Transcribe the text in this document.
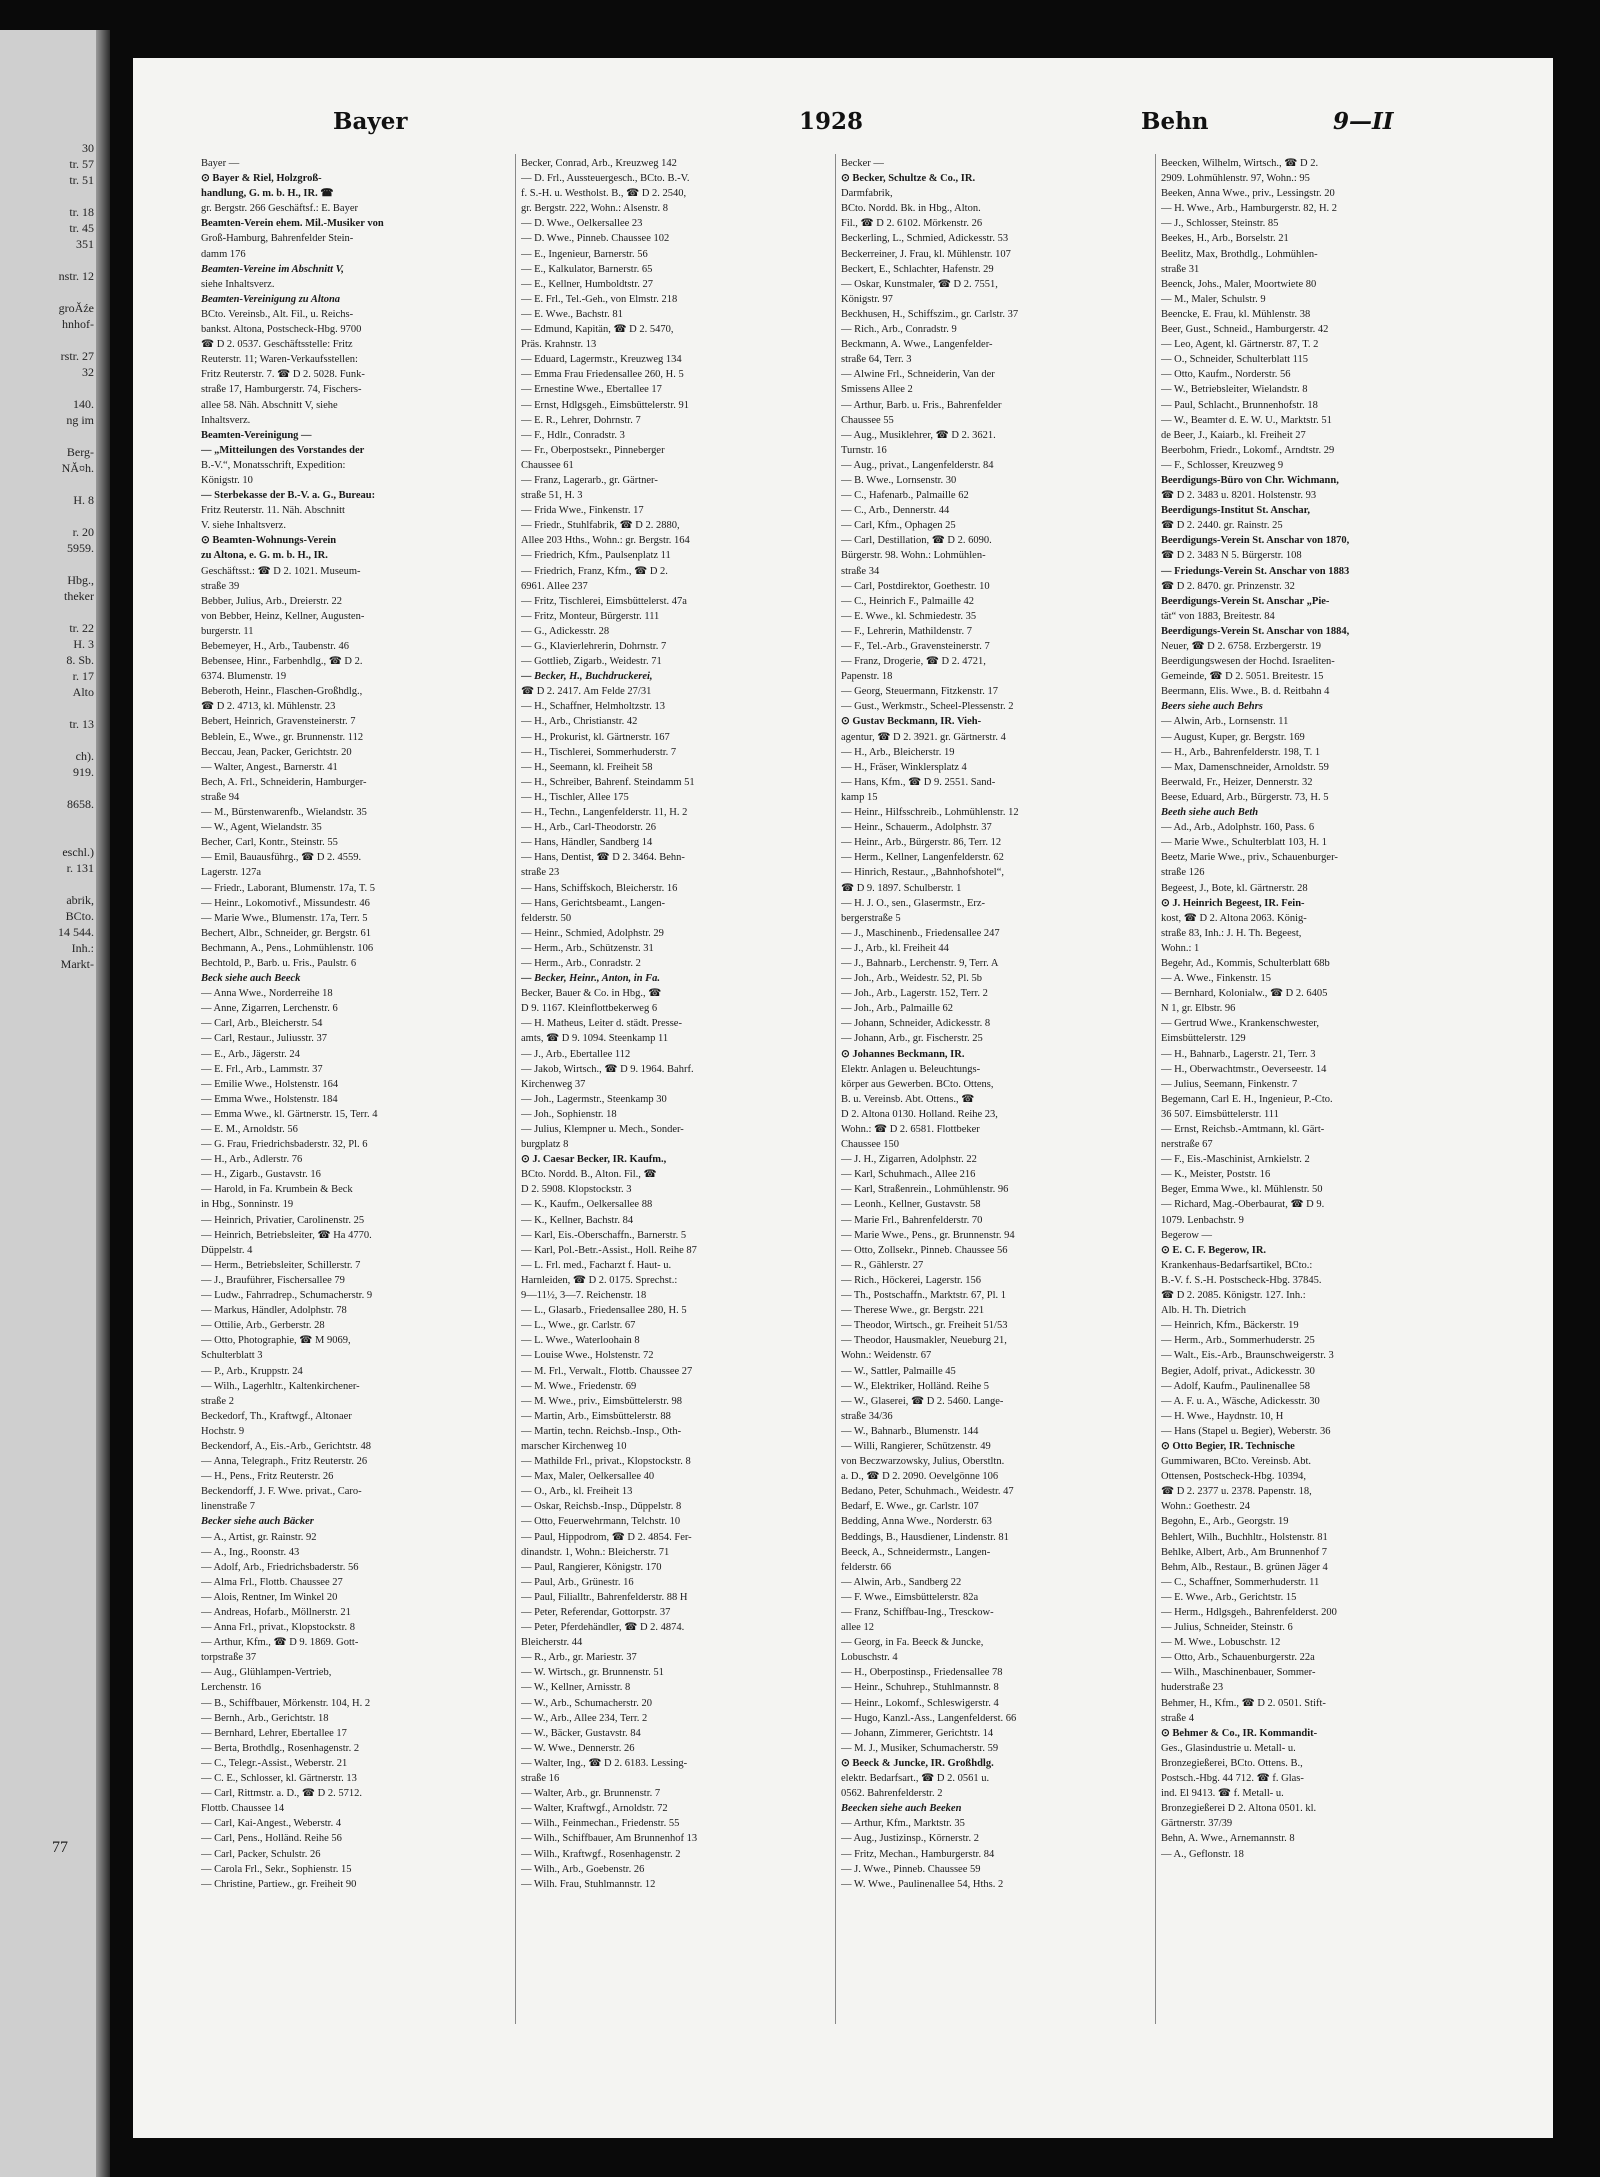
30
tr. 57
tr. 51

tr. 18
tr. 45
351

nstr. 12

groĂźe
hnhof-

rstr. 27
32

140.
ng im

Berg-
NĂ¤h.

H. 8

r. 20
5959.

Hbg.,
theker

tr. 22
H. 3
8. Sb.
r. 17
Alto

tr. 13

ch).
919.

8658.

eschl.)
r. 131

abrik,
BCto.
14 544.
Inh.:
Markt-
77
Bayer	1928	Behn	9—II
Bayer —
⊙ Bayer & Riel, Holzgroß-
handlung, G. m. b. H., IR. ☎
gr. Bergstr. 266 Geschäftsf.: E. Bayer
Beamten-Verein ehem. Mil.-Musiker von
Groß-Hamburg, Bahrenfelder Stein-
damm 176
Beamten-Vereine im Abschnitt V,
siehe Inhaltsverz.
Beamten-Vereinigung zu Altona
BCto. Vereinsb., Alt. Fil., u. Reichs-
bankst. Altona, Postscheck-Hbg. 9700
☎ D 2. 0537. Geschäftsstelle: Fritz
Reuterstr. 11; Waren-Verkaufsstellen:
Fritz Reuterstr. 7. ☎ D 2. 5028. Funk-
straße 17, Hamburgerstr. 74, Fischers-
allee 58. Näh. Abschnitt V, siehe
Inhaltsverz.
Beamten-Vereinigung —
— „Mitteilungen des Vorstandes der
B.-V.“, Monatsschrift, Expedition:
Königstr. 10
— Sterbekasse der B.-V. a. G., Bureau:
Fritz Reuterstr. 11. Näh. Abschnitt
V. siehe Inhaltsverz.
⊙ Beamten-Wohnungs-Verein
zu Altona, e. G. m. b. H., IR.
Geschäftsst.: ☎ D 2. 1021. Museum-
straße 39
Bebber, Julius, Arb., Dreierstr. 22
von Bebber, Heinz, Kellner, Augusten-
burgerstr. 11
Bebemeyer, H., Arb., Taubenstr. 46
Bebensee, Hinr., Farbenhdlg., ☎ D 2.
6374. Blumenstr. 19
Beberoth, Heinr., Flaschen-Großhdlg.,
☎ D 2. 4713, kl. Mühlenstr. 23
Bebert, Heinrich, Gravensteinerstr. 7
Beblein, E., Wwe., gr. Brunnenstr. 112
Beccau, Jean, Packer, Gerichtstr. 20
— Walter, Angest., Barnerstr. 41
Bech, A. Frl., Schneiderin, Hamburger-
straße 94
— M., Bürstenwarenfb., Wielandstr. 35
— W., Agent, Wielandstr. 35
Becher, Carl, Kontr., Steinstr. 55
— Emil, Bauausführg., ☎ D 2. 4559.
Lagerstr. 127a
— Friedr., Laborant, Blumenstr. 17a, T. 5
— Heinr., Lokomotivf., Missundestr. 46
— Marie Wwe., Blumenstr. 17a, Terr. 5
Bechert, Albr., Schneider, gr. Bergstr. 61
Bechmann, A., Pens., Lohmühlenstr. 106
Bechtold, P., Barb. u. Fris., Paulstr. 6
Beck siehe auch Beeck
— Anna Wwe., Norderreihe 18
— Anne, Zigarren, Lerchenstr. 6
— Carl, Arb., Bleicherstr. 54
— Carl, Restaur., Juliusstr. 37
— E., Arb., Jägerstr. 24
— E. Frl., Arb., Lammstr. 37
— Emilie Wwe., Holstenstr. 164
— Emma Wwe., Holstenstr. 184
— Emma Wwe., kl. Gärtnerstr. 15, Terr. 4
— E. M., Arnoldstr. 56
— G. Frau, Friedrichsbaderstr. 32, Pl. 6
— H., Arb., Adlerstr. 76
— H., Zigarb., Gustavstr. 16
— Harold, in Fa. Krumbein & Beck
in Hbg., Sonninstr. 19
— Heinrich, Privatier, Carolinenstr. 25
— Heinrich, Betriebsleiter, ☎ Ha 4770.
Düppelstr. 4
— Herm., Betriebsleiter, Schillerstr. 7
— J., Brauführer, Fischersallee 79
— Ludw., Fahrradrep., Schumacherstr. 9
— Markus, Händler, Adolphstr. 78
— Ottilie, Arb., Gerberstr. 28
— Otto, Photographie, ☎ M 9069,
Schulterblatt 3
— P., Arb., Kruppstr. 24
— Wilh., Lagerhltr., Kaltenkirchener-
straße 2
Beckedorf, Th., Kraftwgf., Altonaer
Hochstr. 9
Beckendorf, A., Eis.-Arb., Gerichtstr. 48
— Anna, Telegraph., Fritz Reuterstr. 26
— H., Pens., Fritz Reuterstr. 26
Beckendorff, J. F. Wwe. privat., Caro-
linenstraße 7
Becker siehe auch Bäcker
— A., Artist, gr. Rainstr. 92
— A., Ing., Roonstr. 43
— Adolf, Arb., Friedrichsbaderstr. 56
— Alma Frl., Flottb. Chaussee 27
— Alois, Rentner, Im Winkel 20
— Andreas, Hofarb., Möllnerstr. 21
— Anna Frl., privat., Klopstockstr. 8
— Arthur, Kfm., ☎ D 9. 1869. Gott-
torpstraße 37
— Aug., Glühlampen-Vertrieb,
Lerchenstr. 16
— B., Schiffbauer, Mörkenstr. 104, H. 2
— Bernh., Arb., Gerichtstr. 18
— Bernhard, Lehrer, Ebertallee 17
— Berta, Brothdlg., Rosenhagenstr. 2
— C., Telegr.-Assist., Weberstr. 21
— C. E., Schlosser, kl. Gärtnerstr. 13
— Carl, Rittmstr. a. D., ☎ D 2. 5712.
Flottb. Chaussee 14
— Carl, Kai-Angest., Weberstr. 4
— Carl, Pens., Holländ. Reihe 56
— Carl, Packer, Schulstr. 26
— Carola Frl., Sekr., Sophienstr. 15
— Christine, Partiew., gr. Freiheit 90
Becker, Conrad, Arb., Kreuzweg 142
— D. Frl., Aussteuergesch., BCto. B.-V.
f. S.-H. u. Westholst. B., ☎ D 2. 2540,
gr. Bergstr. 222, Wohn.: Alsenstr. 8
— D. Wwe., Oelkersallee 23
— D. Wwe., Pinneb. Chaussee 102
— E., Ingenieur, Barnerstr. 56
— E., Kalkulator, Barnerstr. 65
— E., Kellner, Humboldtstr. 27
— E. Frl., Tel.-Geh., von Elmstr. 218
— E. Wwe., Bachstr. 81
— Edmund, Kapitän, ☎ D 2. 5470,
Präs. Krahnstr. 13
— Eduard, Lagermstr., Kreuzweg 134
— Emma Frau Friedensallee 260, H. 5
— Ernestine Wwe., Ebertallee 17
— Ernst, Hdlgsgeh., Eimsbüttelerstr. 91
— E. R., Lehrer, Dohrnstr. 7
— F., Hdlr., Conradstr. 3
— Fr., Oberpostsekr., Pinneberger
Chaussee 61
— Franz, Lagerarb., gr. Gärtner-
straße 51, H. 3
— Frida Wwe., Finkenstr. 17
— Friedr., Stuhlfabrik, ☎ D 2. 2880,
Allee 203 Hths., Wohn.: gr. Bergstr. 164
— Friedrich, Kfm., Paulsenplatz 11
— Friedrich, Franz, Kfm., ☎ D 2.
6961. Allee 237
— Fritz, Tischlerei, Eimsbüttelerst. 47a
— Fritz, Monteur, Bürgerstr. 111
— G., Adickesstr. 28
— G., Klavierlehrerin, Dohrnstr. 7
— Gottlieb, Zigarb., Weidestr. 71
— Becker, H., Buchdruckerei,
☎ D 2. 2417. Am Felde 27/31
— H., Schaffner, Helmholtzstr. 13
— H., Arb., Christianstr. 42
— H., Prokurist, kl. Gärtnerstr. 167
— H., Tischlerei, Sommerhuderstr. 7
— H., Seemann, kl. Freiheit 58
— H., Schreiber, Bahrenf. Steindamm 51
— H., Tischler, Allee 175
— H., Techn., Langenfelderstr. 11, H. 2
— H., Arb., Carl-Theodorstr. 26
— Hans, Händler, Sandberg 14
— Hans, Dentist, ☎ D 2. 3464. Behn-
straße 23
— Hans, Schiffskoch, Bleicherstr. 16
— Hans, Gerichtsbeamt., Langen-
felderstr. 50
— Heinr., Schmied, Adolphstr. 29
— Herm., Arb., Schützenstr. 31
— Herm., Arb., Conradstr. 2
— Becker, Heinr., Anton, in Fa.
Becker, Bauer & Co. in Hbg., ☎
D 9. 1167. Kleinflottbekerweg 6
— H. Matheus, Leiter d. städt. Presse-
amts, ☎ D 9. 1094. Steenkamp 11
— J., Arb., Ebertallee 112
— Jakob, Wirtsch., ☎ D 9. 1964. Bahrf.
Kirchenweg 37
— Joh., Lagermstr., Steenkamp 30
— Joh., Sophienstr. 18
— Julius, Klempner u. Mech., Sonder-
burgplatz 8
⊙ J. Caesar Becker, IR. Kaufm.,
BCto. Nordd. B., Alton. Fil., ☎
D 2. 5908. Klopstockstr. 3
— K., Kaufm., Oelkersallee 88
— K., Kellner, Bachstr. 84
— Karl, Eis.-Oberschaffn., Barnerstr. 5
— Karl, Pol.-Betr.-Assist., Holl. Reihe 87
— L. Frl. med., Facharzt f. Haut- u.
Harnleiden, ☎ D 2. 0175. Sprechst.:
9—11½, 3—7. Reichenstr. 18
— L., Glasarb., Friedensallee 280, H. 5
— L., Wwe., gr. Carlstr. 67
— L. Wwe., Waterloohain 8
— Louise Wwe., Holstenstr. 72
— M. Frl., Verwalt., Flottb. Chaussee 27
— M. Wwe., Friedenstr. 69
— M. Wwe., priv., Eimsbüttelerstr. 98
— Martin, Arb., Eimsbüttelerstr. 88
— Martin, techn. Reichsb.-Insp., Oth-
marscher Kirchenweg 10
— Mathilde Frl., privat., Klopstockstr. 8
— Max, Maler, Oelkersallee 40
— O., Arb., kl. Freiheit 13
— Oskar, Reichsb.-Insp., Düppelstr. 8
— Otto, Feuerwehrmann, Telchstr. 10
— Paul, Hippodrom, ☎ D 2. 4854. Fer-
dinandstr. 1, Wohn.: Bleicherstr. 71
— Paul, Rangierer, Königstr. 170
— Paul, Arb., Grünestr. 16
— Paul, Filialltr., Bahrenfelderstr. 88 H
— Peter, Referendar, Gottorpstr. 37
— Peter, Pferdehändler, ☎ D 2. 4874.
Bleicherstr. 44
— R., Arb., gr. Mariestr. 37
— W. Wirtsch., gr. Brunnenstr. 51
— W., Kellner, Arnisstr. 8
— W., Arb., Schumacherstr. 20
— W., Arb., Allee 234, Terr. 2
— W., Bäcker, Gustavstr. 84
— W. Wwe., Dennerstr. 26
— Walter, Ing., ☎ D 2. 6183. Lessing-
straße 16
— Walter, Arb., gr. Brunnenstr. 7
— Walter, Kraftwgf., Arnoldstr. 72
— Wilh., Feinmechan., Friedenstr. 55
— Wilh., Schiffbauer, Am Brunnenhof 13
— Wilh., Kraftwgf., Rosenhagenstr. 2
— Wilh., Arb., Goebenstr. 26
— Wilh. Frau, Stuhlmannstr. 12
Becker —
⊙ Becker, Schultze & Co., IR.
Darmfabrik,
BCto. Nordd. Bk. in Hbg., Alton.
Fil., ☎ D 2. 6102. Mörkenstr. 26
Beckerling, L., Schmied, Adickesstr. 53
Beckerreiner, J. Frau, kl. Mühlenstr. 107
Beckert, E., Schlachter, Hafenstr. 29
— Oskar, Kunstmaler, ☎ D 2. 7551,
Königstr. 97
Beckhusen, H., Schiffszim., gr. Carlstr. 37
— Rich., Arb., Conradstr. 9
Beckmann, A. Wwe., Langenfelder-
straße 64, Terr. 3
— Alwine Frl., Schneiderin, Van der
Smissens Allee 2
— Arthur, Barb. u. Fris., Bahrenfelder
Chaussee 55
— Aug., Musiklehrer, ☎ D 2. 3621.
Turnstr. 16
— Aug., privat., Langenfelderstr. 84
— B. Wwe., Lornsenstr. 30
— C., Hafenarb., Palmaille 62
— C., Arb., Dennerstr. 44
— Carl, Kfm., Ophagen 25
— Carl, Destillation, ☎ D 2. 6090.
Bürgerstr. 98. Wohn.: Lohmühlen-
straße 34
— Carl, Postdirektor, Goethestr. 10
— C., Heinrich F., Palmaille 42
— E. Wwe., kl. Schmiedestr. 35
— F., Lehrerin, Mathildenstr. 7
— F., Tel.-Arb., Gravensteinerstr. 7
— Franz, Drogerie, ☎ D 2. 4721,
Papenstr. 18
— Georg, Steuermann, Fitzkenstr. 17
— Gust., Werkmstr., Scheel-Plessenstr. 2
⊙ Gustav Beckmann, IR. Vieh-
agentur, ☎ D 2. 3921. gr. Gärtnerstr. 4
— H., Arb., Bleicherstr. 19
— H., Fräser, Winklersplatz 4
— Hans, Kfm., ☎ D 9. 2551. Sand-
kamp 15
— Heinr., Hilfsschreib., Lohmühlenstr. 12
— Heinr., Schauerm., Adolphstr. 37
— Heinr., Arb., Bürgerstr. 86, Terr. 12
— Herm., Kellner, Langenfelderstr. 62
— Hinrich, Restaur., „Bahnhofshotel“,
☎ D 9. 1897. Schulberstr. 1
— H. J. O., sen., Glasermstr., Erz-
bergerstraße 5
— J., Maschinenb., Friedensallee 247
— J., Arb., kl. Freiheit 44
— J., Bahnarb., Lerchenstr. 9, Terr. A
— Joh., Arb., Weidestr. 52, Pl. 5b
— Joh., Arb., Lagerstr. 152, Terr. 2
— Joh., Arb., Palmaille 62
— Johann, Schneider, Adickesstr. 8
— Johann, Arb., gr. Fischerstr. 25
⊙ Johannes Beckmann, IR.
Elektr. Anlagen u. Beleuchtungs-
körper aus Gewerben. BCto. Ottens,
B. u. Vereinsb. Abt. Ottens., ☎
D 2. Altona 0130. Holland. Reihe 23,
Wohn.: ☎ D 2. 6581. Flottbeker
Chaussee 150
— J. H., Zigarren, Adolphstr. 22
— Karl, Schuhmach., Allee 216
— Karl, Straßenrein., Lohmühlenstr. 96
— Leonh., Kellner, Gustavstr. 58
— Marie Frl., Bahrenfelderstr. 70
— Marie Wwe., Pens., gr. Brunnenstr. 94
— Otto, Zollsekr., Pinneb. Chaussee 56
— R., Gählerstr. 27
— Rich., Höckerei, Lagerstr. 156
— Th., Postschaffn., Marktstr. 67, Pl. 1
— Therese Wwe., gr. Bergstr. 221
— Theodor, Wirtsch., gr. Freiheit 51/53
— Theodor, Hausmakler, Neueburg 21,
Wohn.: Weidenstr. 67
— W., Sattler, Palmaille 45
— W., Elektriker, Holländ. Reihe 5
— W., Glaserei, ☎ D 2. 5460. Lange-
straße 34/36
— W., Bahnarb., Blumenstr. 144
— Willi, Rangierer, Schützenstr. 49
von Beczwarzowsky, Julius, Oberstltn.
a. D., ☎ D 2. 2090. Oevelgönne 106
Bedano, Peter, Schuhmach., Weidestr. 47
Bedarf, E. Wwe., gr. Carlstr. 107
Bedding, Anna Wwe., Norderstr. 63
Beddings, B., Hausdiener, Lindenstr. 81
Beeck, A., Schneidermstr., Langen-
felderstr. 66
— Alwin, Arb., Sandberg 22
— F. Wwe., Eimsbüttelerstr. 82a
— Franz, Schiffbau-Ing., Tresckow-
allee 12
— Georg, in Fa. Beeck & Juncke,
Lobuschstr. 4
— H., Oberpostinsp., Friedensallee 78
— Heinr., Schuhrep., Stuhlmannstr. 8
— Heinr., Lokomf., Schleswigerstr. 4
— Hugo, Kanzl.-Ass., Langenfelderst. 66
— Johann, Zimmerer, Gerichtstr. 14
— M. J., Musiker, Schumacherstr. 59
⊙ Beeck & Juncke, IR. Großhdlg.
elektr. Bedarfsart., ☎ D 2. 0561 u.
0562. Bahrenfelderstr. 2
Beecken siehe auch Beeken
— Arthur, Kfm., Marktstr. 35
— Aug., Justizinsp., Körnerstr. 2
— Fritz, Mechan., Hamburgerstr. 84
— J. Wwe., Pinneb. Chaussee 59
— W. Wwe., Paulinenallee 54, Hths. 2
Beecken, Wilhelm, Wirtsch., ☎ D 2.
2909. Lohmühlenstr. 97, Wohn.: 95
Beeken, Anna Wwe., priv., Lessingstr. 20
— H. Wwe., Arb., Hamburgerstr. 82, H. 2
— J., Schlosser, Steinstr. 85
Beekes, H., Arb., Borselstr. 21
Beelitz, Max, Brothdlg., Lohmühlen-
straße 31
Beenck, Johs., Maler, Moortwiete 80
— M., Maler, Schulstr. 9
Beencke, E. Frau, kl. Mühlenstr. 38
Beer, Gust., Schneid., Hamburgerstr. 42
— Leo, Agent, kl. Gärtnerstr. 87, T. 2
— O., Schneider, Schulterblatt 115
— Otto, Kaufm., Norderstr. 56
— W., Betriebsleiter, Wielandstr. 8
— Paul, Schlacht., Brunnenhofstr. 18
— W., Beamter d. E. W. U., Marktstr. 51
de Beer, J., Kaiarb., kl. Freiheit 27
Beerbohm, Friedr., Lokomf., Arndtstr. 29
— F., Schlosser, Kreuzweg 9
Beerdigungs-Büro von Chr. Wichmann,
☎ D 2. 3483 u. 8201. Holstenstr. 93
Beerdigungs-Institut St. Anschar,
☎ D 2. 2440. gr. Rainstr. 25
Beerdigungs-Verein St. Anschar von 1870,
☎ D 2. 3483 N 5. Bürgerstr. 108
— Friedungs-Verein St. Anschar von 1883
☎ D 2. 8470. gr. Prinzenstr. 32
Beerdigungs-Verein St. Anschar „Pie-
tät“ von 1883, Breitestr. 84
Beerdigungs-Verein St. Anschar von 1884,
Neuer, ☎ D 2. 6758. Erzbergerstr. 19
Beerdigungswesen der Hochd. Israeliten-
Gemeinde, ☎ D 2. 5051. Breitestr. 15
Beermann, Elis. Wwe., B. d. Reitbahn 4
Beers siehe auch Behrs
— Alwin, Arb., Lornsenstr. 11
— August, Kuper, gr. Bergstr. 169
— H., Arb., Bahrenfelderstr. 198, T. 1
— Max, Damenschneider, Arnoldstr. 59
Beerwald, Fr., Heizer, Dennerstr. 32
Beese, Eduard, Arb., Bürgerstr. 73, H. 5
Beeth siehe auch Beth
— Ad., Arb., Adolphstr. 160, Pass. 6
— Marie Wwe., Schulterblatt 103, H. 1
Beetz, Marie Wwe., priv., Schauenburger-
straße 126
Begeest, J., Bote, kl. Gärtnerstr. 28
⊙ J. Heinrich Begeest, IR. Fein-
kost, ☎ D 2. Altona 2063. König-
straße 83, Inh.: J. H. Th. Begeest,
Wohn.: 1
Begehr, Ad., Kommis, Schulterblatt 68b
— A. Wwe., Finkenstr. 15
— Bernhard, Kolonialw., ☎ D 2. 6405
N 1, gr. Elbstr. 96
— Gertrud Wwe., Krankenschwester,
Eimsbüttelerstr. 129
— H., Bahnarb., Lagerstr. 21, Terr. 3
— H., Oberwachtmstr., Oeverseestr. 14
— Julius, Seemann, Finkenstr. 7
Begemann, Carl E. H., Ingenieur, P.-Cto.
36 507. Eimsbüttelerstr. 111
— Ernst, Reichsb.-Amtmann, kl. Gärt-
nerstraße 67
— F., Eis.-Maschinist, Arnkielstr. 2
— K., Meister, Poststr. 16
Beger, Emma Wwe., kl. Mühlenstr. 50
— Richard, Mag.-Oberbaurat, ☎ D 9.
1079. Lenbachstr. 9
Begerow —
⊙ E. C. F. Begerow, IR.
Krankenhaus-Bedarfsartikel, BCto.:
B.-V. f. S.-H. Postscheck-Hbg. 37845.
☎ D 2. 2085. Königstr. 127. Inh.:
Alb. H. Th. Dietrich
— Heinrich, Kfm., Bäckerstr. 19
— Herm., Arb., Sommerhuderstr. 25
— Walt., Eis.-Arb., Braunschweigerstr. 3
Begier, Adolf, privat., Adickesstr. 30
— Adolf, Kaufm., Paulinenallee 58
— A. F. u. A., Wäsche, Adickesstr. 30
— H. Wwe., Haydnstr. 10, H
— Hans (Stapel u. Begier), Weberstr. 36
⊙ Otto Begier, IR. Technische
Gummiwaren, BCto. Vereinsb. Abt.
Ottensen, Postscheck-Hbg. 10394,
☎ D 2. 2377 u. 2378. Papenstr. 18,
Wohn.: Goethestr. 24
Begohn, E., Arb., Georgstr. 19
Behlert, Wilh., Buchhltr., Holstenstr. 81
Behlke, Albert, Arb., Am Brunnenhof 7
Behm, Alb., Restaur., B. grünen Jäger 4
— C., Schaffner, Sommerhuderstr. 11
— E. Wwe., Arb., Gerichtstr. 15
— Herm., Hdlgsgeh., Bahrenfelderst. 200
— Julius, Schneider, Steinstr. 6
— M. Wwe., Lobuschstr. 12
— Otto, Arb., Schauenburgerstr. 22a
— Wilh., Maschinenbauer, Sommer-
huderstraße 23
Behmer, H., Kfm., ☎ D 2. 0501. Stift-
straße 4
⊙ Behmer & Co., IR. Kommandit-
Ges., Glasindustrie u. Metall- u.
Bronzegießerei, BCto. Ottens. B.,
Postsch.-Hbg. 44 712. ☎ f. Glas-
ind. El 9413. ☎ f. Metall- u.
Bronzegießerei D 2. Altona 0501. kl.
Gärtnerstr. 37/39
Behn, A. Wwe., Arnemannstr. 8
— A., Geflonstr. 18
